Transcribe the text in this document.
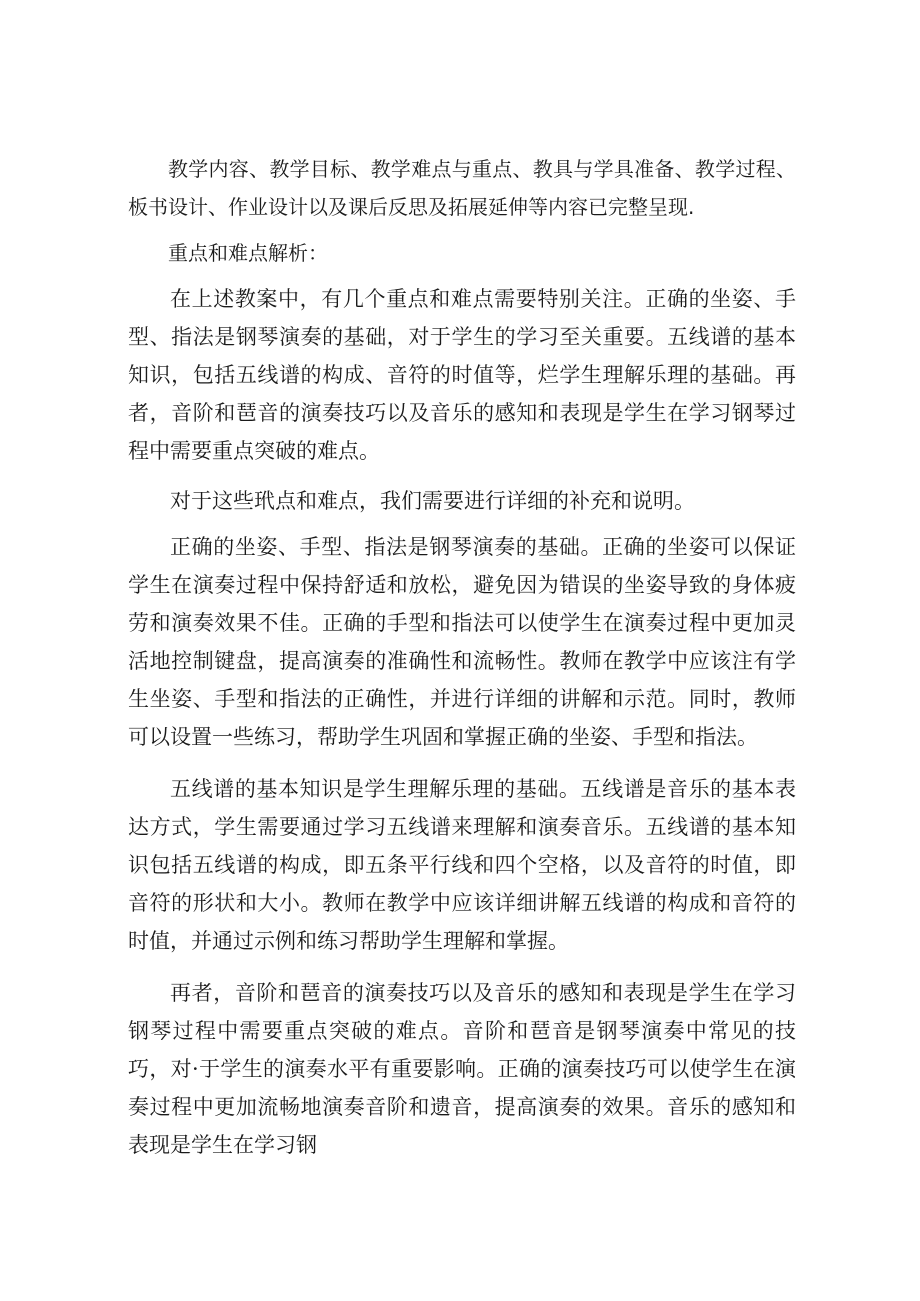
教学内容、教学目标、教学难点与重点、教具与学具准备、教学过程、板书设计、作业设计以及课后反思及拓展延伸等内容已完整呈现.

重点和难点解析：

在上述教案中，有几个重点和难点需要特别关注。正确的坐姿、手型、指法是钢琴演奏的基础，对于学生的学习至关重要。五线谱的基本知识，包括五线谱的构成、音符的时值等，烂学生理解乐理的基础。再者，音阶和琶音的演奏技巧以及音乐的感知和表现是学生在学习钢琴过程中需要重点突破的难点。

对于这些玳点和难点，我们需要进行详细的补充和说明。

正确的坐姿、手型、指法是钢琴演奏的基础。正确的坐姿可以保证学生在演奏过程中保持舒适和放松，避免因为错误的坐姿导致的身体疲劳和演奏效果不佳。正确的手型和指法可以使学生在演奏过程中更加灵活地控制键盘，提高演奏的准确性和流畅性。教师在教学中应该注有学生坐姿、手型和指法的正确性，并进行详细的讲解和示范。同时，教师可以设置一些练习，帮助学生巩固和掌握正确的坐姿、手型和指法。

五线谱的基本知识是学生理解乐理的基础。五线谱是音乐的基本表达方式，学生需要通过学习五线谱来理解和演奏音乐。五线谱的基本知识包括五线谱的构成，即五条平行线和四个空格，以及音符的时值，即音符的形状和大小。教师在教学中应该详细讲解五线谱的构成和音符的时值，并通过示例和练习帮助学生理解和掌握。

再者，音阶和琶音的演奏技巧以及音乐的感知和表现是学生在学习钢琴过程中需要重点突破的难点。音阶和琶音是钢琴演奏中常见的技巧，对·于学生的演奏水平有重要影响。正确的演奏技巧可以使学生在演奏过程中更加流畅地演奏音阶和遗音，提高演奏的效果。音乐的感知和表现是学生在学习钢
